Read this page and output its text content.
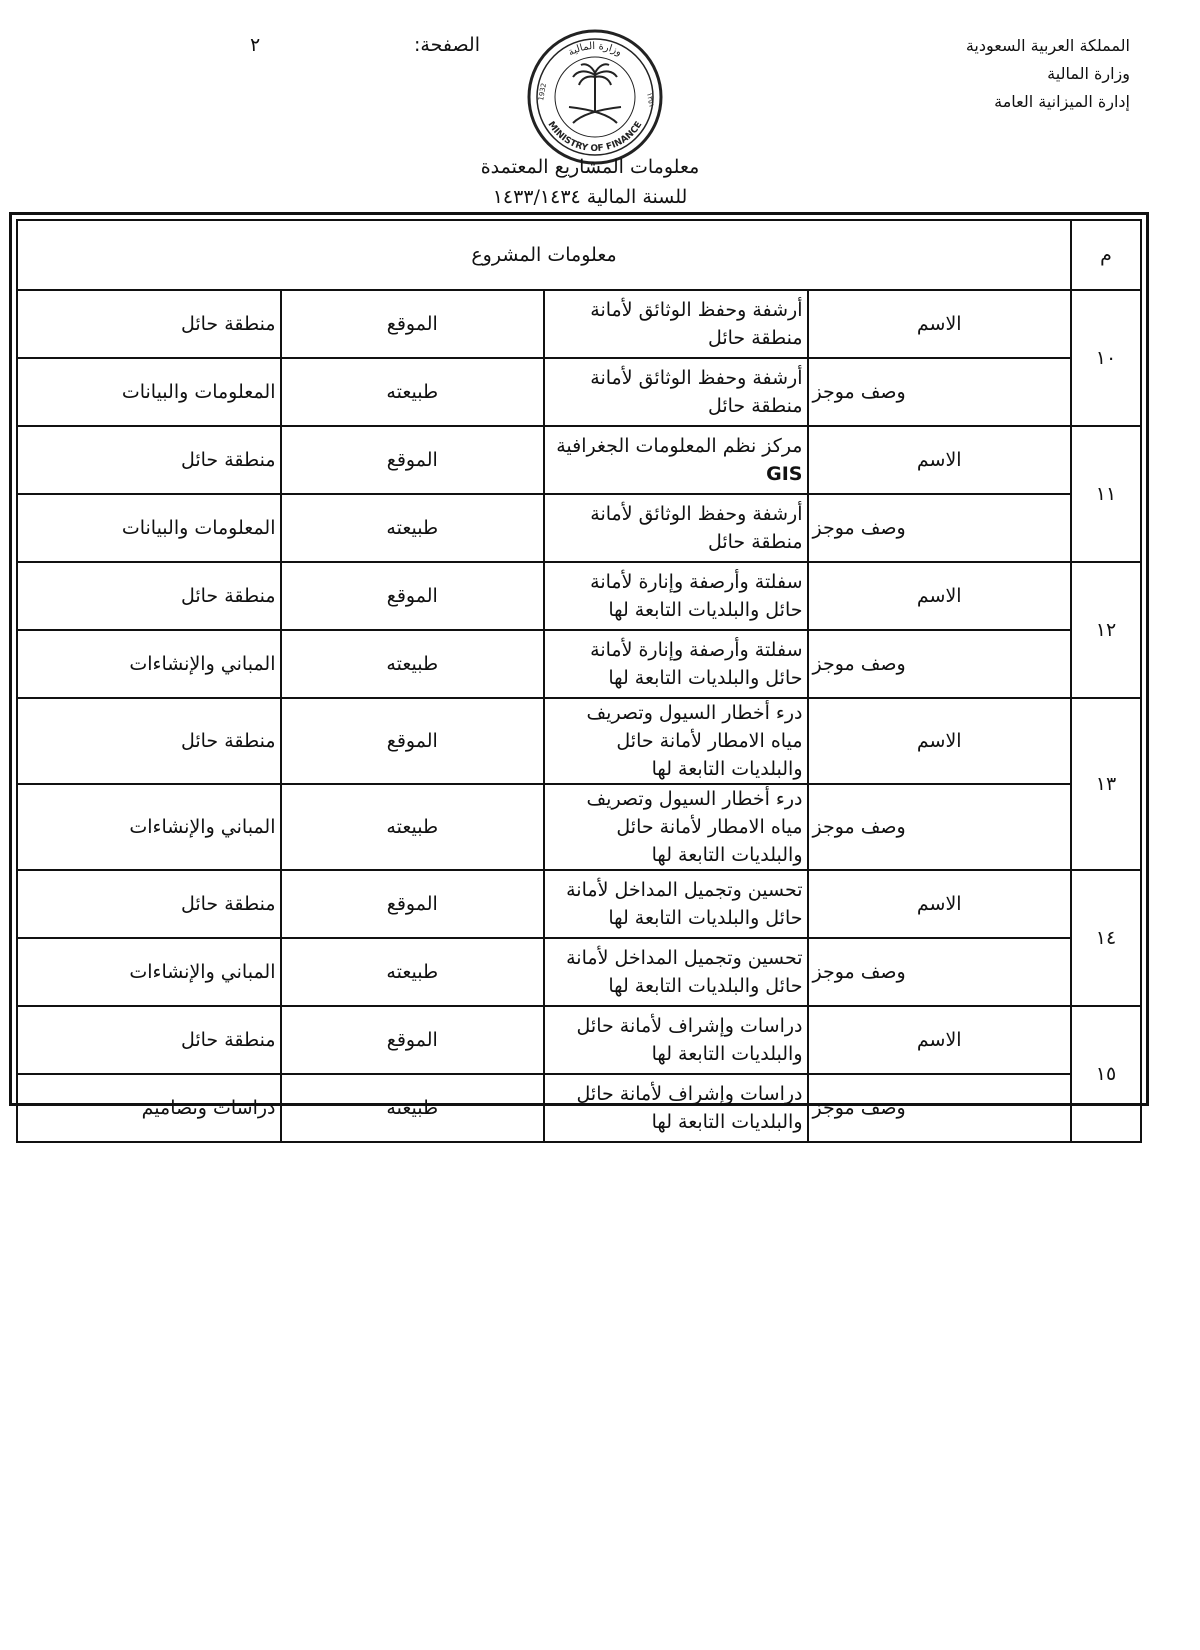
المملكة العربية السعودية
وزارة المالية
إدارة الميزانية العامة
الصفحة:
٢	وزارة المالية
MINISTRY OF FINANCE
1932	١٣٥١
معلومات المشاريع المعتمدة
للسنة المالية ١٤٣٣/١٤٣٤
م	معلومات المشروع			
١٠	الاسم	أرشفة وحفظ الوثائق لأمانة منطقة حائل	الموقع	منطقة حائل
	وصف موجز	أرشفة وحفظ الوثائق لأمانة منطقة حائل	طبيعته	المعلومات والبيانات
١١	الاسم	مركز نظم المعلومات الجغرافية GIS	الموقع	منطقة حائل
	وصف موجز	أرشفة وحفظ الوثائق لأمانة منطقة حائل	طبيعته	المعلومات والبيانات
١٢	الاسم	سفلتة وأرصفة وإنارة لأمانة حائل والبلديات التابعة لها	الموقع	منطقة حائل
	وصف موجز	سفلتة وأرصفة وإنارة لأمانة حائل والبلديات التابعة لها	طبيعته	المباني والإنشاءات
١٣	الاسم	درء أخطار السيول وتصريف مياه الامطار لأمانة حائل والبلديات التابعة لها	الموقع	منطقة حائل
	وصف موجز	درء أخطار السيول وتصريف مياه الامطار لأمانة حائل والبلديات التابعة لها	طبيعته	المباني والإنشاءات
١٤	الاسم	تحسين وتجميل المداخل لأمانة حائل والبلديات التابعة لها	الموقع	منطقة حائل
	وصف موجز	تحسين وتجميل المداخل لأمانة حائل والبلديات التابعة لها	طبيعته	المباني والإنشاءات
١٥	الاسم	دراسات وإشراف لأمانة حائل والبلديات التابعة لها	الموقع	منطقة حائل
	وصف موجز	دراسات وإشراف لأمانة حائل والبلديات التابعة لها	طبيعته	دراسات وتصاميم
